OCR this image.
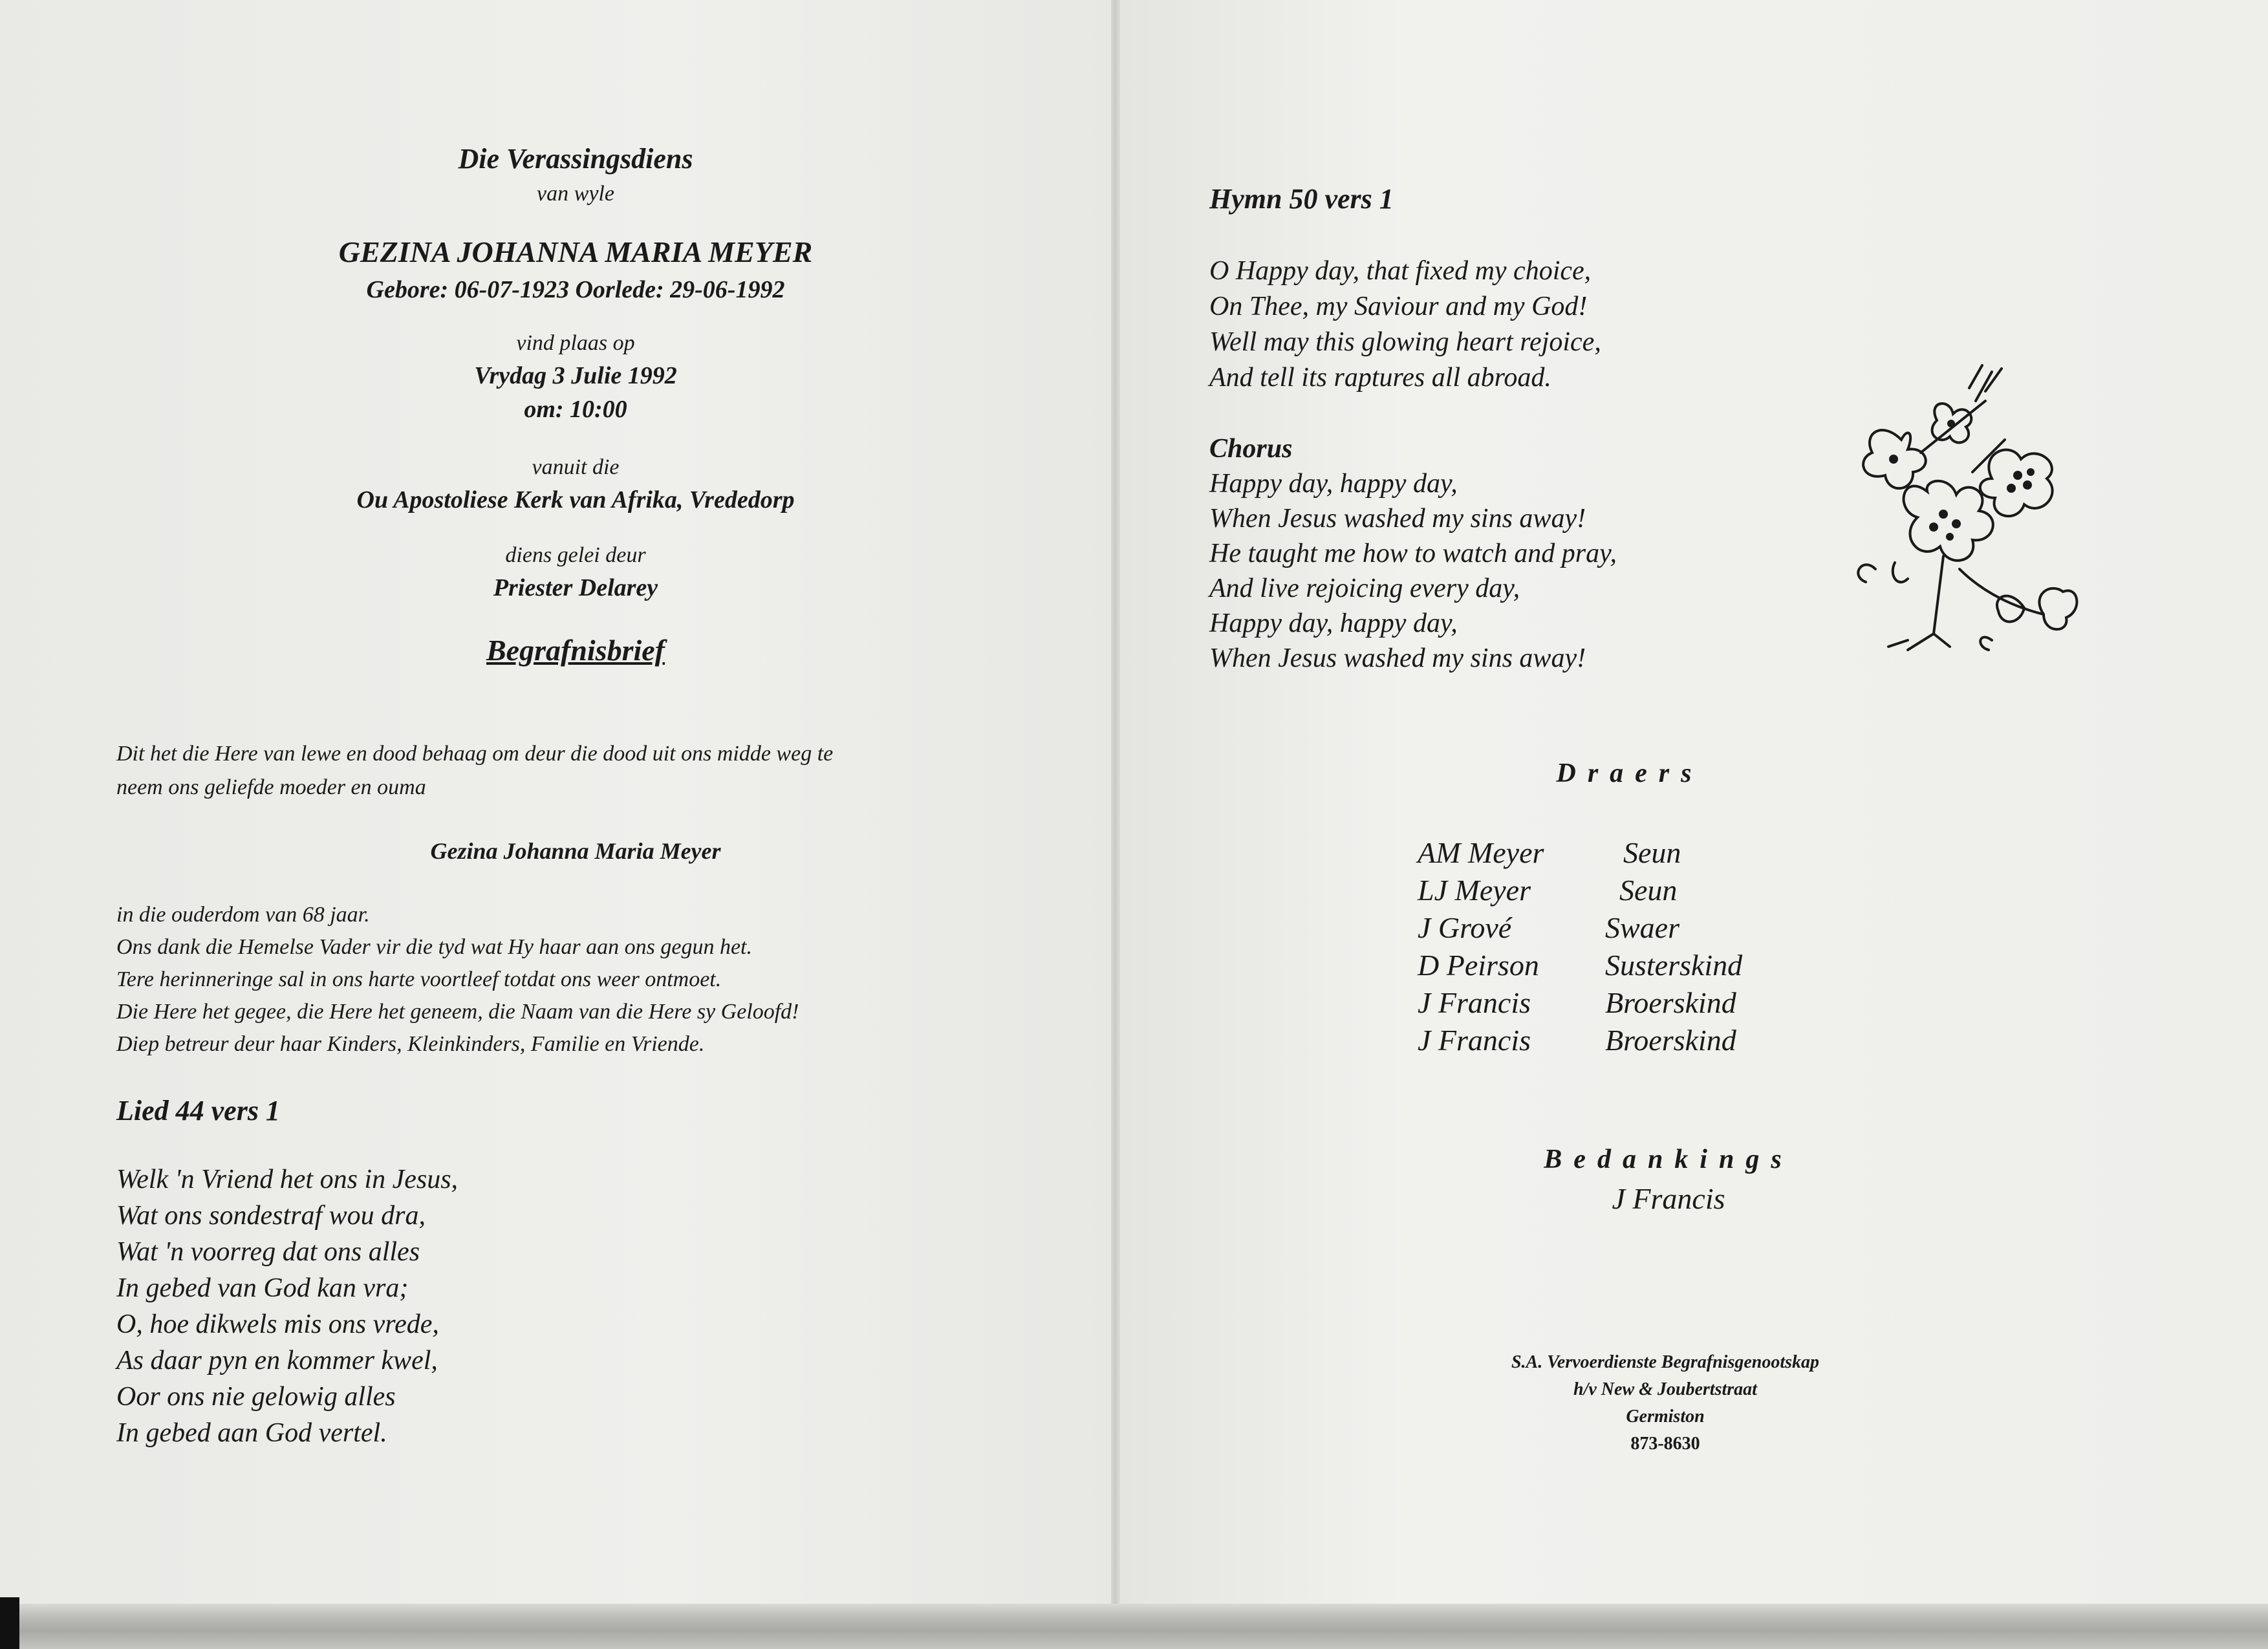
Die Verassingsdiens
van wyle
GEZINA JOHANNA MARIA MEYER
Gebore: 06-07-1923 Oorlede: 29-06-1992
vind plaas op
Vrydag 3 Julie 1992
om: 10:00
vanuit die
Ou Apostoliese Kerk van Afrika, Vrededorp
diens gelei deur
Priester Delarey
Begrafnisbrief
Dit het die Here van lewe en dood behaag om deur die dood uit ons midde weg te
neem ons geliefde moeder en ouma
Gezina Johanna Maria Meyer
in die ouderdom van 68 jaar.
Ons dank die Hemelse Vader vir die tyd wat Hy haar aan ons gegun het.
Tere herinneringe sal in ons harte voortleef totdat ons weer ontmoet.
Die Here het gegee, die Here het geneem, die Naam van die Here sy Geloofd!
Diep betreur deur haar Kinders, Kleinkinders, Familie en Vriende.
Lied 44 vers 1
Welk 'n Vriend het ons in Jesus,
Wat ons sondestraf wou dra,
Wat 'n voorreg dat ons alles
In gebed van God kan vra;
O, hoe dikwels mis ons vrede,
As daar pyn en kommer kwel,
Oor ons nie gelowig alles
In gebed aan God vertel.
Hymn 50 vers 1
O Happy day, that fixed my choice,
On Thee, my Saviour and my God!
Well may this glowing heart rejoice,
And tell its raptures all abroad.
Chorus
Happy day, happy day,
When Jesus washed my sins away!
He taught me how to watch and pray,
And live rejoicing every day,
Happy day, happy day,
When Jesus washed my sins away!
Draers
AM Meyer	Seun
LJ Meyer	Seun
J Grové	Swaer
D Peirson	Susterskind
J Francis	Broerskind
J Francis	Broerskind
Bedankings
J Francis
S.A. Vervoerdienste Begrafnisgenootskap
h/v New & Joubertstraat
Germiston
873-8630
